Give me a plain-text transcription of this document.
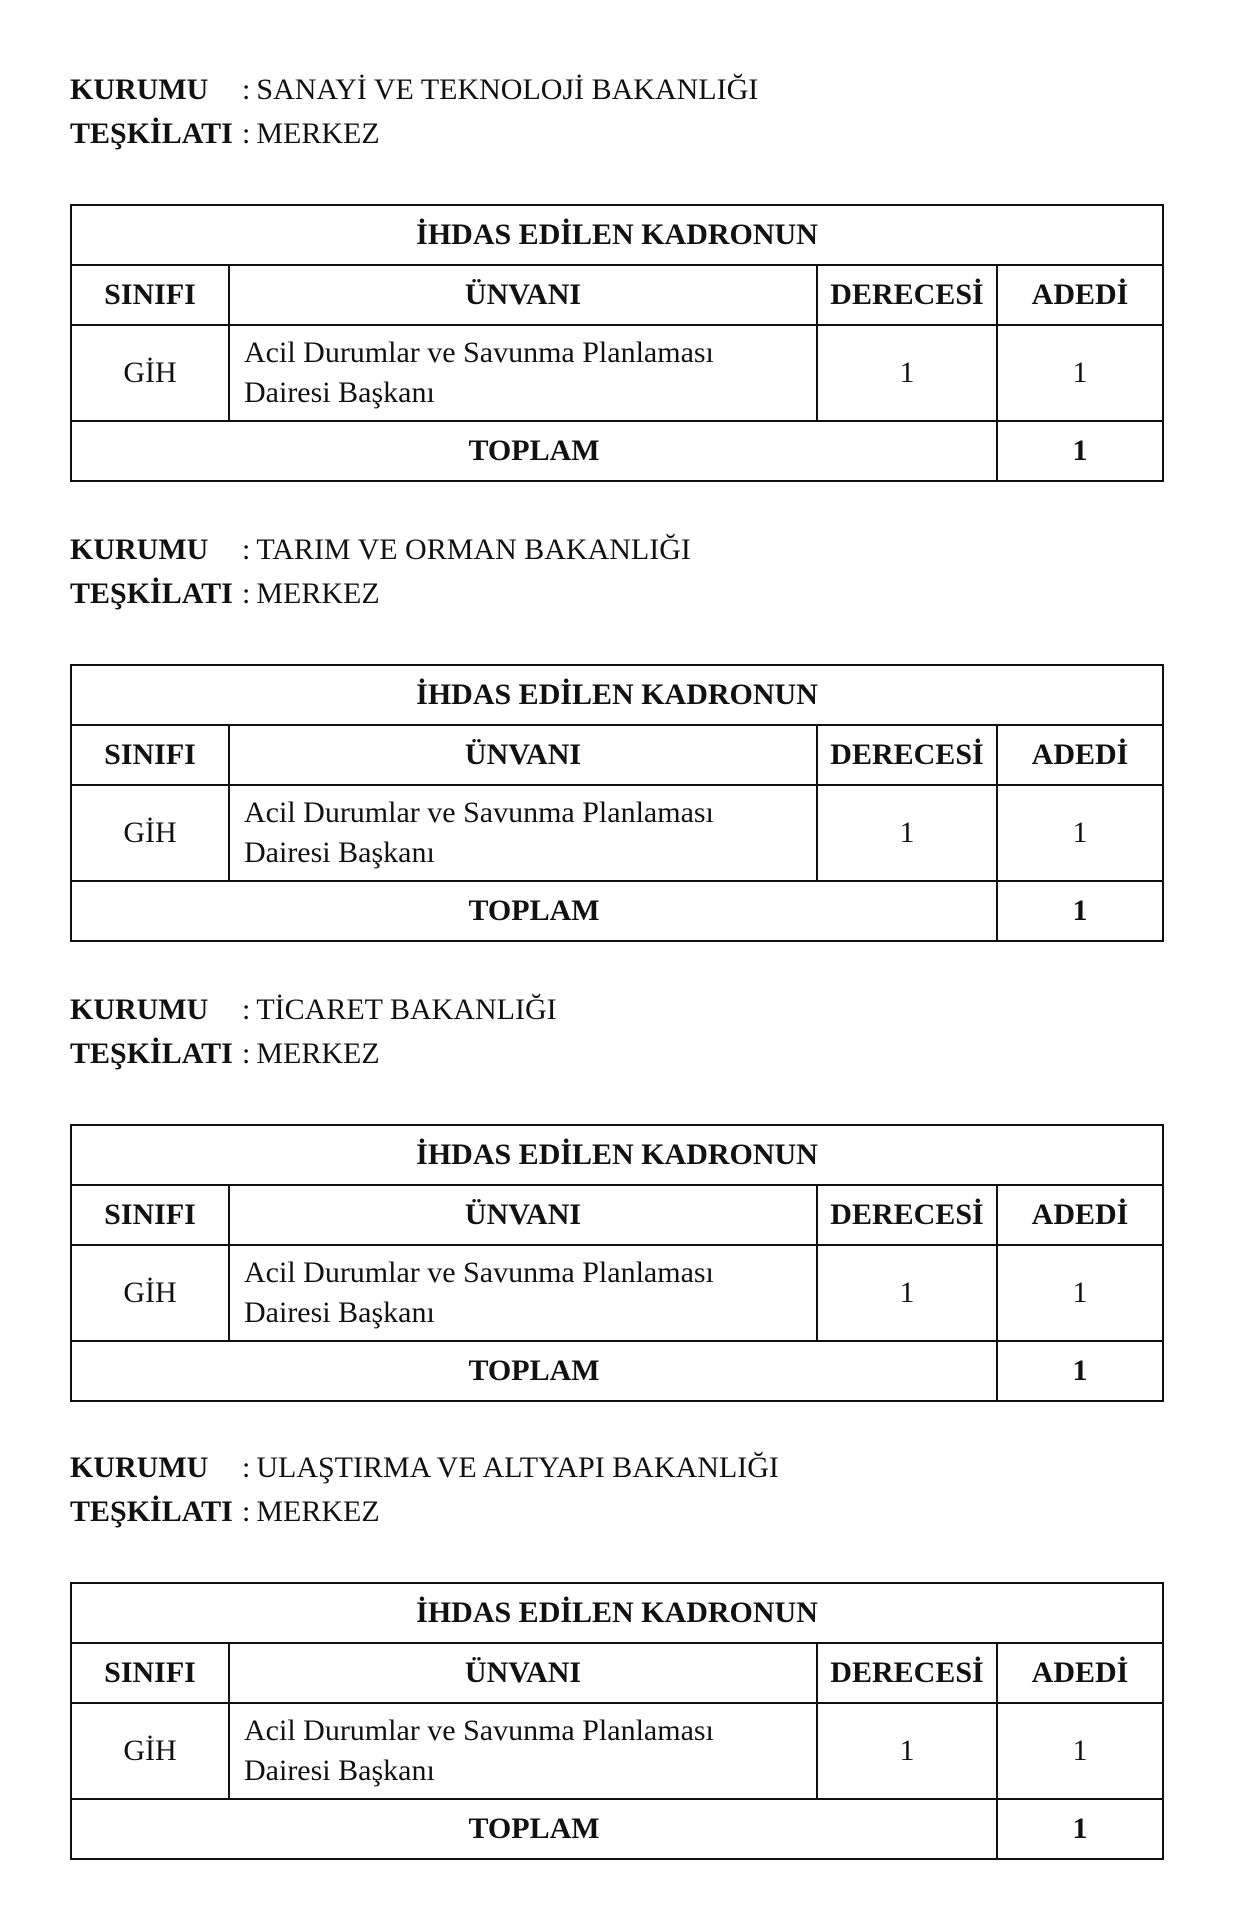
KURUMU	: SANAYİ VE TEKNOLOJİ BAKANLIĞI
TEŞKİLATI : MERKEZ
İHDAS EDİLEN KADRONUN			
SINIFI	ÜNVANI	DERECESİ	ADEDİ
GİH	Acil Durumlar ve Savunma Planlaması Dairesi Başkanı	1	1
TOPLAM			1
KURUMU	: TARIM VE ORMAN BAKANLIĞI
TEŞKİLATI : MERKEZ
İHDAS EDİLEN KADRONUN			
SINIFI	ÜNVANI	DERECESİ	ADEDİ
GİH	Acil Durumlar ve Savunma Planlaması Dairesi Başkanı	1	1
TOPLAM			1
KURUMU	: TİCARET BAKANLIĞI
TEŞKİLATI : MERKEZ
İHDAS EDİLEN KADRONUN			
SINIFI	ÜNVANI	DERECESİ	ADEDİ
GİH	Acil Durumlar ve Savunma Planlaması Dairesi Başkanı	1	1
TOPLAM			1
KURUMU	: ULAŞTIRMA VE ALTYAPI BAKANLIĞI
TEŞKİLATI : MERKEZ
İHDAS EDİLEN KADRONUN			
SINIFI	ÜNVANI	DERECESİ	ADEDİ
GİH	Acil Durumlar ve Savunma Planlaması Dairesi Başkanı	1	1
TOPLAM			1
